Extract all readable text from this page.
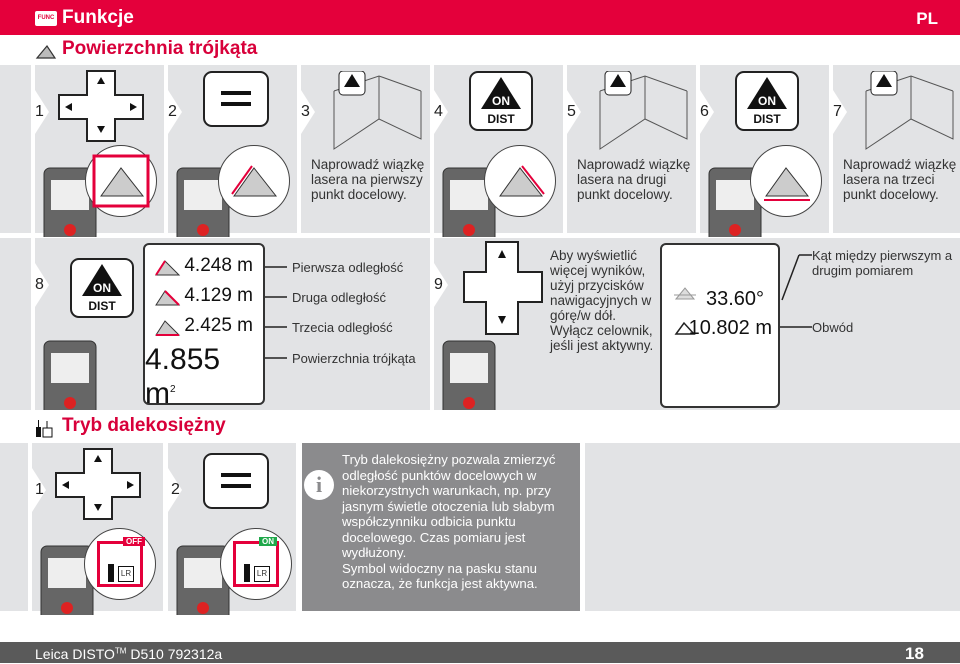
FUNC Funkcje	PL
Powierzchnia trójkąta
1	2	3
Naprowadź wiązkę lasera na pierwszy punkt docelowy.
4
ON
DIST	5
Naprowadź wiązkę lasera na drugi punkt docelowy.
6
ON
DIST	7
Naprowadź wiązkę lasera na trzeci punkt docelowy.
8	ON
DIST
4.248 m
4.129 m
2.425 m
4.855 $m^2$
Pierwsza odległość
Druga odległość
Trzecia odległość
Powierzchnia trójkąta
9
Aby wyświetlić więcej wyników, użyj przycisków nawigacyjnych w górę/w dół. Wyłącz celownik, jeśli jest aktywny.
33.60°
10.802 m
Kąt między pierwszym a drugim pomiarem
Obwód
Tryb dalekosiężny
1
LR
OFF
2
LR
ON
i
Tryb dalekosiężny pozwala zmierzyć odległość punktów docelowych w niekorzystnych warunkach, np. przy jasnym świetle otoczenia lub słabym współczynniku odbicia punktu docelowego. Czas pomiaru jest wydłużony.
Symbol widoczny na pasku stanu oznacza, że funkcja jest aktywna.
Leica DISTO™ D510 792312a	18
